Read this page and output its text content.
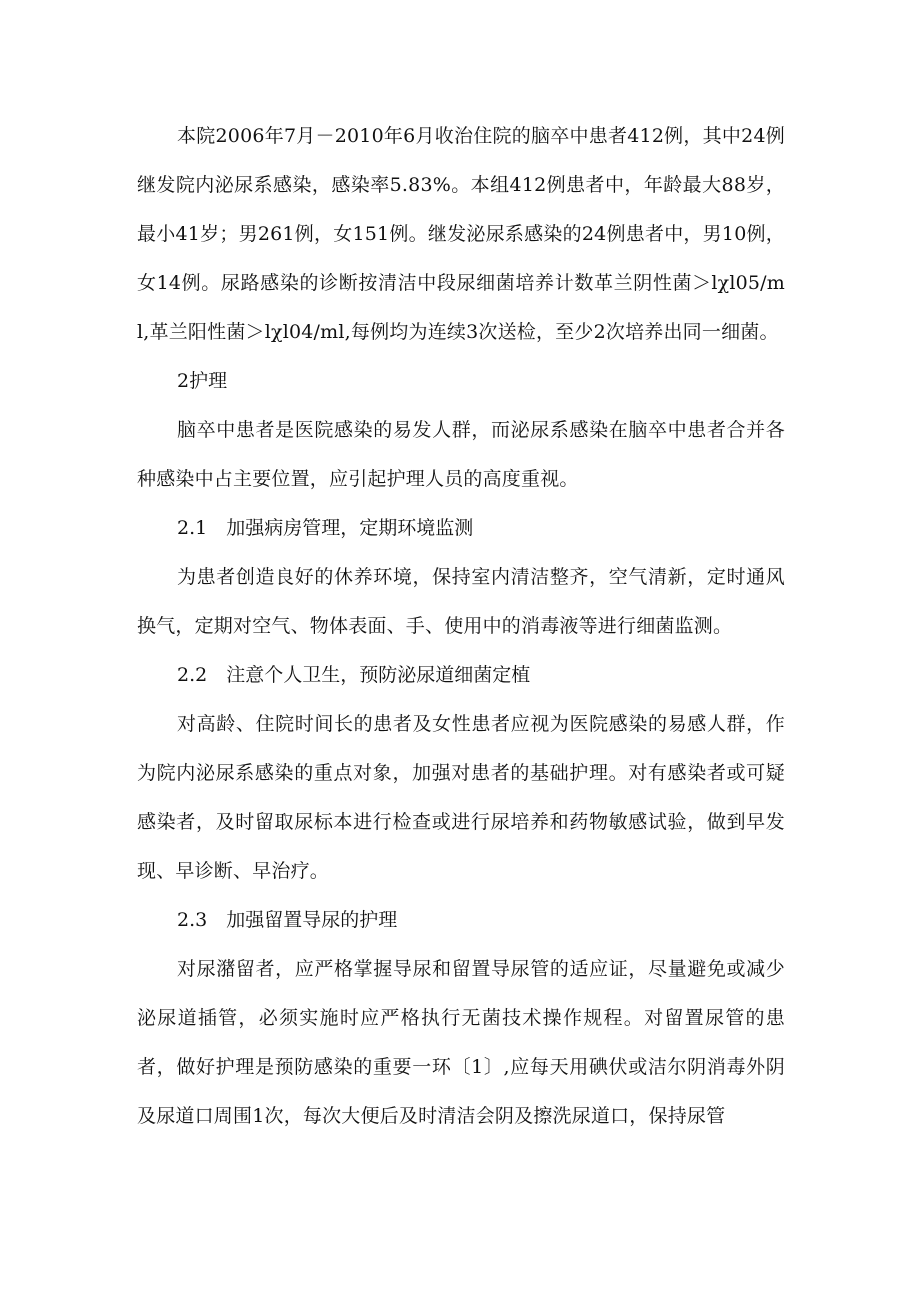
本院2006年7月－2010年6月收治住院的脑卒中患者412例，其中24例继发院内泌尿系感染，感染率5.83%。本组412例患者中，年龄最大88岁，最小41岁；男261例，女151例。继发泌尿系感染的24例患者中，男10例，女14例。尿路感染的诊断按清洁中段尿细菌培养计数革兰阴性菌＞lχl05/ml,革兰阳性菌＞lχl04/ml,每例均为连续3次送检，至少2次培养出同一细菌。

2护理

脑卒中患者是医院感染的易发人群，而泌尿系感染在脑卒中患者合并各种感染中占主要位置，应引起护理人员的高度重视。

2.1　加强病房管理，定期环境监测

为患者创造良好的休养环境，保持室内清洁整齐，空气清新，定时通风换气，定期对空气、物体表面、手、使用中的消毒液等进行细菌监测。

2.2　注意个人卫生，预防泌尿道细菌定植

对高龄、住院时间长的患者及女性患者应视为医院感染的易感人群，作为院内泌尿系感染的重点对象，加强对患者的基础护理。对有感染者或可疑感染者，及时留取尿标本进行检查或进行尿培养和药物敏感试验，做到早发现、早诊断、早治疗。

2.3　加强留置导尿的护理

对尿潴留者，应严格掌握导尿和留置导尿管的适应证，尽量避免或减少泌尿道插管，必须实施时应严格执行无菌技术操作规程。对留置尿管的患者，做好护理是预防感染的重要一环〔1〕,应每天用碘伏或洁尔阴消毒外阴及尿道口周围1次，每次大便后及时清洁会阴及擦洗尿道口，保持尿管
